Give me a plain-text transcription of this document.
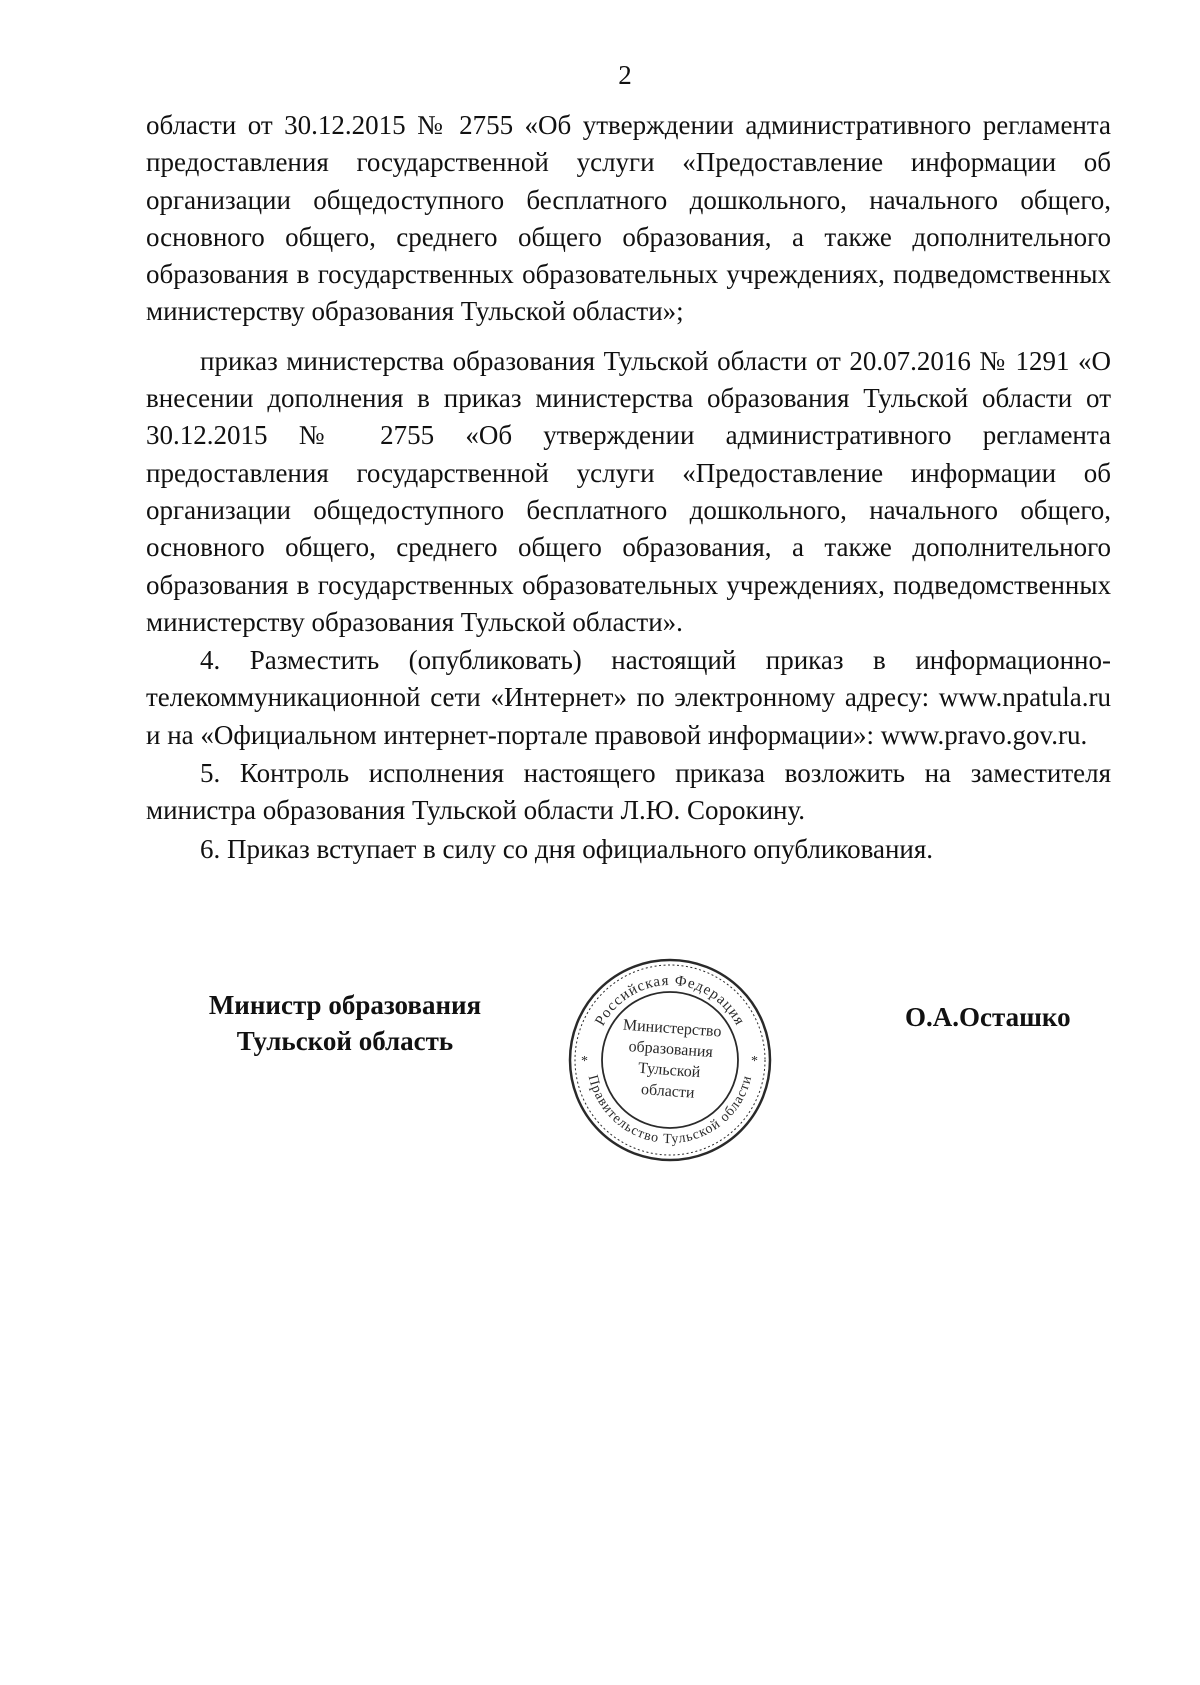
2

области от 30.12.2015 № 2755 «Об утверждении административного регламента предоставления государственной услуги «Предоставление информации об организации общедоступного бесплатного дошкольного, начального общего, основного общего, среднего общего образования, а также дополнительного образования в государственных образовательных учреждениях, подведомственных министерству образования Тульской области»;

приказ министерства образования Тульской области от 20.07.2016 № 1291 «О внесении дополнения в приказ министерства образования Тульской области от 30.12.2015 № 2755 «Об утверждении административного регламента предоставления государственной услуги «Предоставление информации об организации общедоступного бесплатного дошкольного, начального общего, основного общего, среднего общего образования, а также дополнительного образования в государственных образовательных учреждениях, подведомственных министерству образования Тульской области».

4. Разместить (опубликовать) настоящий приказ в информационно-телекоммуникационной сети «Интернет» по электронному адресу: www.npatula.ru и на «Официальном интернет-портале правовой информации»: www.pravo.gov.ru.

5. Контроль исполнения настоящего приказа возложить на заместителя министра образования Тульской области Л.Ю. Сорокину.

6. Приказ вступает в силу со дня официального опубликования.

Министр образования
Тульской область
Российская Федерация
Правительство Тульской области
*	*
Министерство
образования
Тульской
области
О.А.Осташко
